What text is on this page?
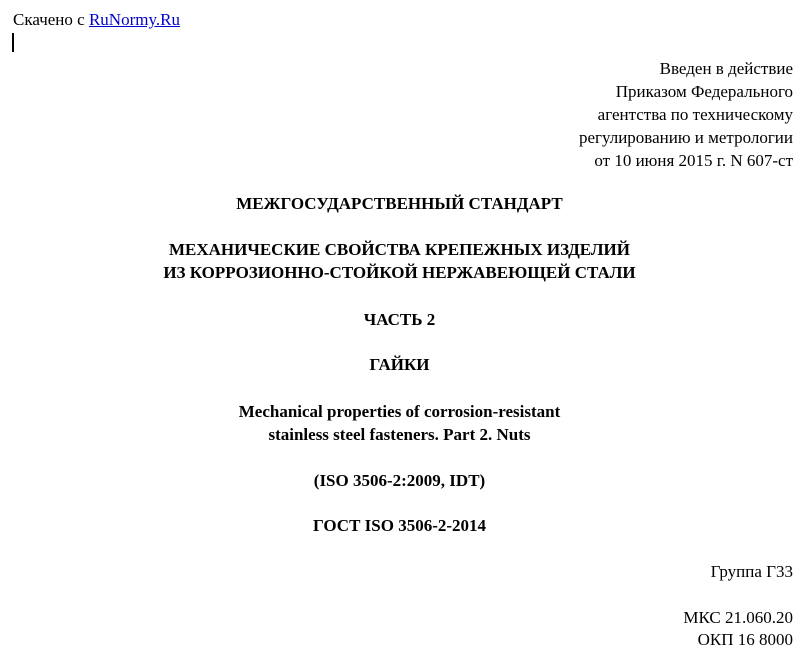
Скачено с RuNormy.Ru
Введен в действие
Приказом Федерального
агентства по техническому
регулированию и метрологии
от 10 июня 2015 г. N 607-ст
МЕЖГОСУДАРСТВЕННЫЙ СТАНДАРТ
МЕХАНИЧЕСКИЕ СВОЙСТВА КРЕПЕЖНЫХ ИЗДЕЛИЙ
ИЗ КОРРОЗИОННО-СТОЙКОЙ НЕРЖАВЕЮЩЕЙ СТАЛИ
ЧАСТЬ 2
ГАЙКИ
Mechanical properties of corrosion-resistant
stainless steel fasteners. Part 2. Nuts
(ISO 3506-2:2009, IDT)
ГОСТ ISO 3506-2-2014
Группа Г33
МКС 21.060.20
ОКП 16 8000
